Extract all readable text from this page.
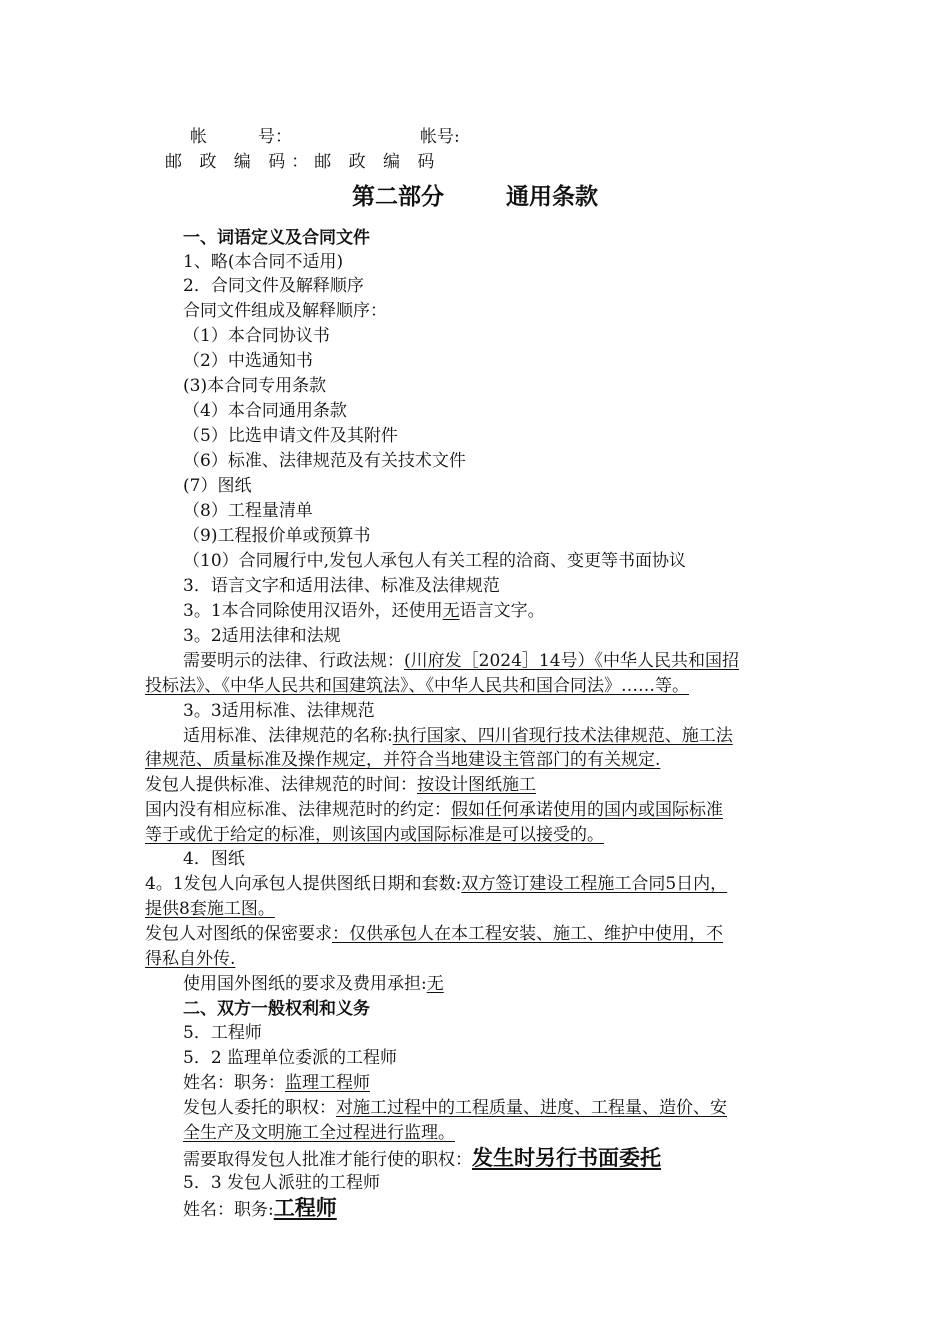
帐　　　号：	帐号:
邮 政 编 码：邮 政 编 码
第二部分	通用条款
一、词语定义及合同文件
1、略(本合同不适用)
2．合同文件及解释顺序
合同文件组成及解释顺序：
（1）本合同协议书
（2）中选通知书
(3)本合同专用条款
（4）本合同通用条款
（5）比选申请文件及其附件
（6）标准、法律规范及有关技术文件
(7）图纸
（8）工程量清单
（9)工程报价单或预算书
（10）合同履行中,发包人承包人有关工程的洽商、变更等书面协议
3．语言文字和适用法律、标准及法律规范
3。1本合同除使用汉语外，还使用无语言文字。
3。2适用法律和法规
需要明示的法律、行政法规：(川府发［2024］14号）《中华人民共和国招
投标法》、《中华人民共和国建筑法》、《中华人民共和国合同法》……等。
3。3适用标准、法律规范
适用标准、法律规范的名称:执行国家、四川省现行技术法律规范、施工法
律规范、质量标准及操作规定，并符合当地建设主管部门的有关规定.
发包人提供标准、法律规范的时间：按设计图纸施工
国内没有相应标准、法律规范时的约定：假如任何承诺使用的国内或国际标准
等于或优于给定的标准，则该国内或国际标准是可以接受的。
4．图纸
4。1发包人向承包人提供图纸日期和套数:双方签订建设工程施工合同5日内，
提供8套施工图。
发包人对图纸的保密要求：仅供承包人在本工程安装、施工、维护中使用，不
得私自外传.
使用国外图纸的要求及费用承担:无
二、双方一般权利和义务
5．工程师
5．2 监理单位委派的工程师
姓名：职务：监理工程师
发包人委托的职权：对施工过程中的工程质量、进度、工程量、造价、安
全生产及文明施工全过程进行监理。
需要取得发包人批准才能行使的职权：发生时另行书面委托
5．3 发包人派驻的工程师
姓名：职务:工程师
